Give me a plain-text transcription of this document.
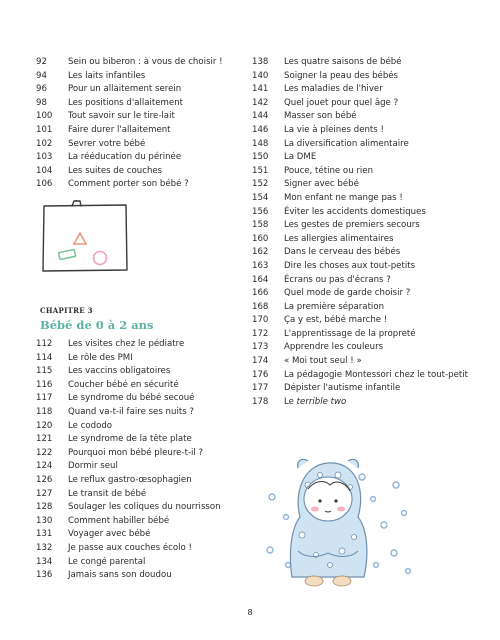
92	Sein ou biberon : à vous de choisir !
94	Les laits infantiles
96	Pour un allaitement serein
98	Les positions d'allaitement
100	Tout savoir sur le tire-lait
101	Faire durer l'allaitement
102	Sevrer votre bébé
103	La rééducation du périnée
104	Les suites de couches
106	Comment porter son bébé ?
CHAPITRE 3
Bébé de 0 à 2 ans
112	Les visites chez le pédiatre
114	Le rôle des PMI
115	Les vaccins obligatoires
116	Coucher bébé en sécurité
117	Le syndrome du bébé secoué
118	Quand va-t-il faire ses nuits ?
120	Le cododo
121	Le syndrome de la tête plate
122	Pourquoi mon bébé pleure-t-il ?
124	Dormir seul
126	Le reflux gastro-œsophagien
127	Le transit de bébé
128	Soulager les coliques du nourrisson
130	Comment habiller bébé
131	Voyager avec bébé
132	Je passe aux couches écolo !
134	Le congé parental
136	Jamais sans son doudou
138	Les quatre saisons de bébé
140	Soigner la peau des bébés
141	Les maladies de l'hiver
142	Quel jouet pour quel âge ?
144	Masser son bébé
146	La vie à pleines dents !
148	La diversification alimentaire
150	La DME
151	Pouce, tétine ou rien
152	Signer avec bébé
154	Mon enfant ne mange pas !
156	Éviter les accidents domestiques
158	Les gestes de premiers secours
160	Les allergies alimentaires
162	Dans le cerveau des bébés
163	Dire les choses aux tout-petits
164	Écrans ou pas d'écrans ?
166	Quel mode de garde choisir ?
168	La première séparation
170	Ça y est, bébé marche !
172	L'apprentissage de la propreté
173	Apprendre les couleurs
174	« Moi tout seul ! »
176	La pédagogie Montessori chez le tout-petit
177	Dépister l'autisme infantile
178	Le terrible two
8
